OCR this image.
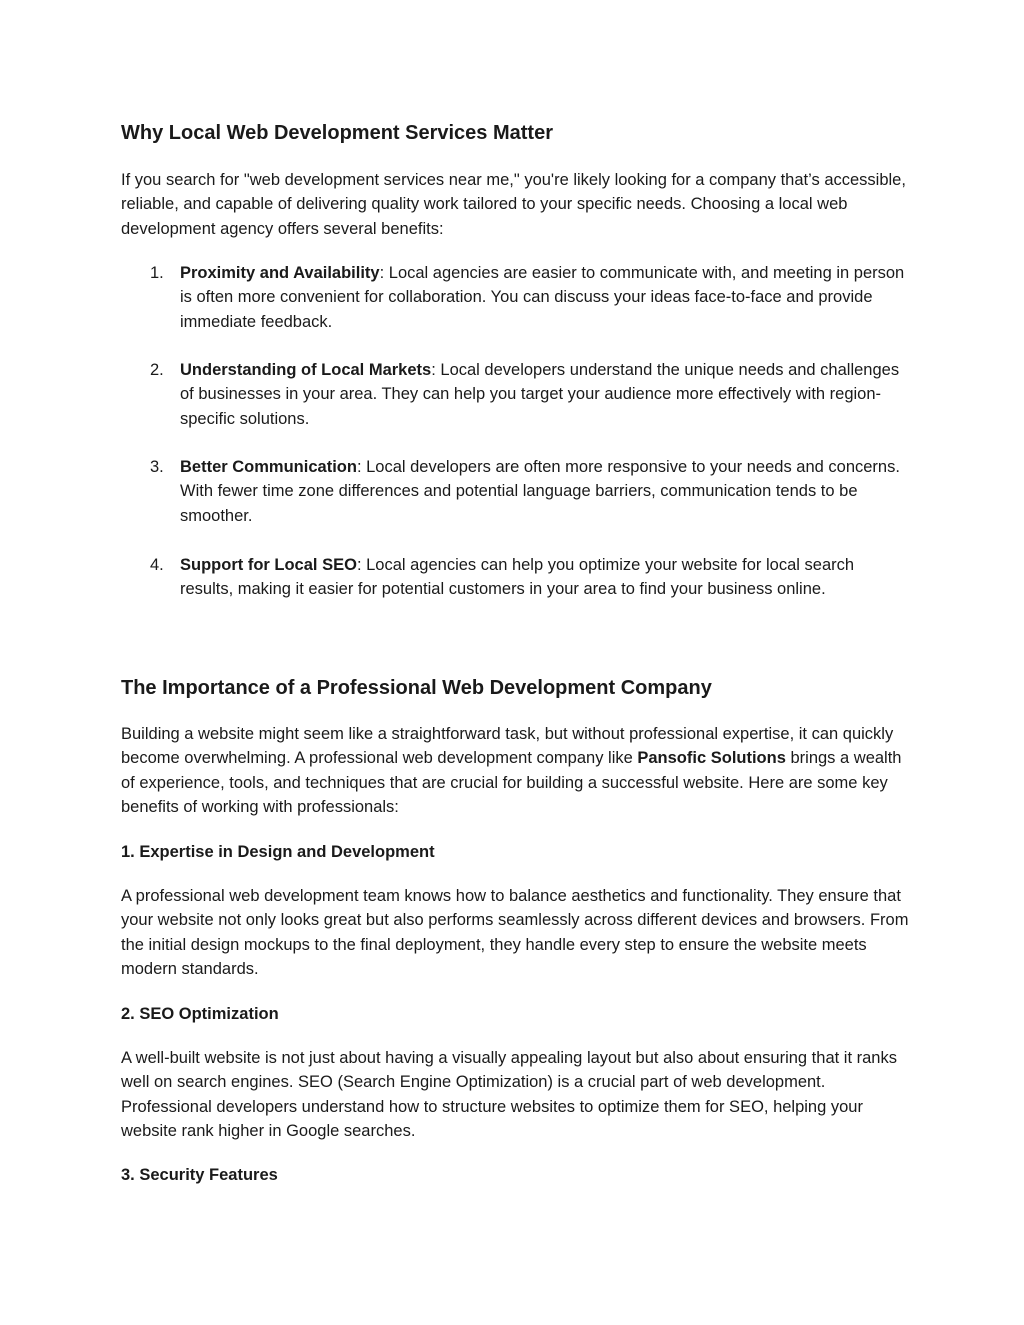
Why Local Web Development Services Matter

If you search for "web development services near me," you're likely looking for a company that’s accessible, reliable, and capable of delivering quality work tailored to your specific needs. Choosing a local web development agency offers several benefits:

1. Proximity and Availability: Local agencies are easier to communicate with, and meeting in person is often more convenient for collaboration. You can discuss your ideas face-to-face and provide immediate feedback.
2. Understanding of Local Markets: Local developers understand the unique needs and challenges of businesses in your area. They can help you target your audience more effectively with region-specific solutions.
3. Better Communication: Local developers are often more responsive to your needs and concerns. With fewer time zone differences and potential language barriers, communication tends to be smoother.
4. Support for Local SEO: Local agencies can help you optimize your website for local search results, making it easier for potential customers in your area to find your business online.
The Importance of a Professional Web Development Company

Building a website might seem like a straightforward task, but without professional expertise, it can quickly become overwhelming. A professional web development company like Pansofic Solutions brings a wealth of experience, tools, and techniques that are crucial for building a successful website. Here are some key benefits of working with professionals:

1. Expertise in Design and Development

A professional web development team knows how to balance aesthetics and functionality. They ensure that your website not only looks great but also performs seamlessly across different devices and browsers. From the initial design mockups to the final deployment, they handle every step to ensure the website meets modern standards.

2. SEO Optimization

A well-built website is not just about having a visually appealing layout but also about ensuring that it ranks well on search engines. SEO (Search Engine Optimization) is a crucial part of web development. Professional developers understand how to structure websites to optimize them for SEO, helping your website rank higher in Google searches.

3. Security Features
